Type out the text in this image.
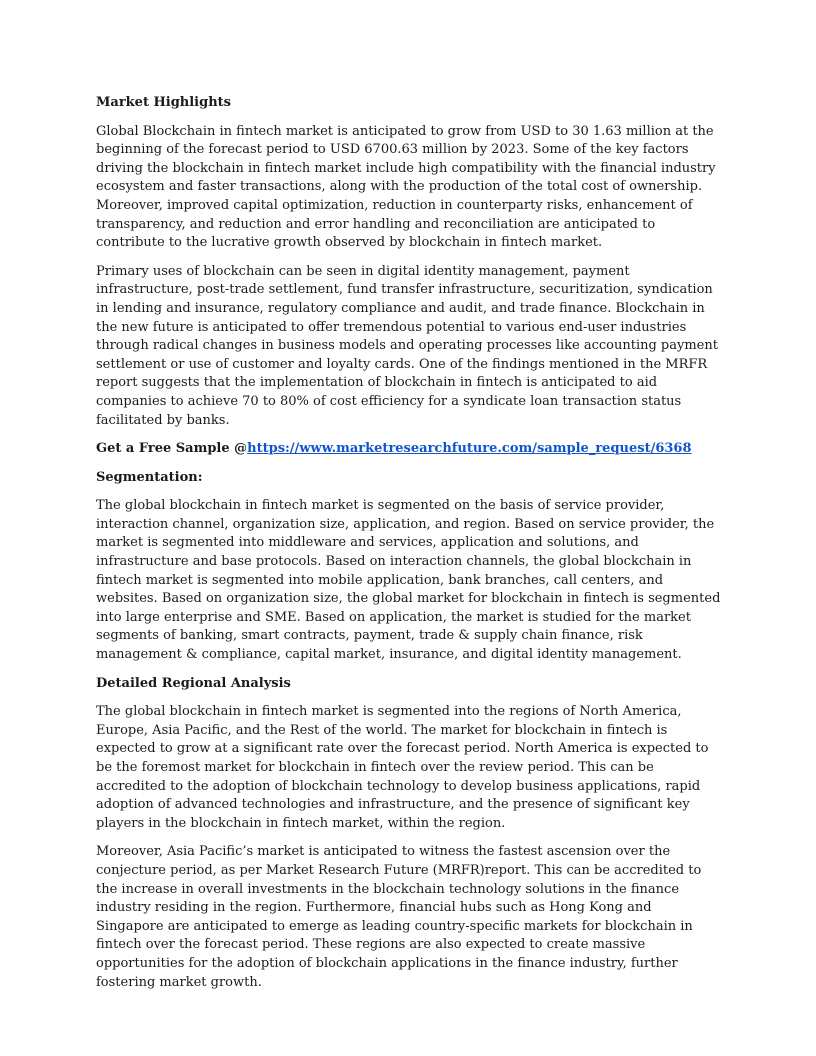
Market Highlights

Global Blockchain in fintech market is anticipated to grow from USD to 30 1.63 million at the beginning of the forecast period to USD 6700.63 million by 2023. Some of the key factors driving the blockchain in fintech market include high compatibility with the financial industry ecosystem and faster transactions, along with the production of the total cost of ownership. Moreover, improved capital optimization, reduction in counterparty risks, enhancement of transparency, and reduction and error handling and reconciliation are anticipated to contribute to the lucrative growth observed by blockchain in fintech market.

Primary uses of blockchain can be seen in digital identity management, payment infrastructure, post-trade settlement, fund transfer infrastructure, securitization, syndication in lending and insurance, regulatory compliance and audit, and trade finance. Blockchain in the new future is anticipated to offer tremendous potential to various end-user industries through radical changes in business models and operating processes like accounting payment settlement or use of customer and loyalty cards. One of the findings mentioned in the MRFR report suggests that the implementation of blockchain in fintech is anticipated to aid companies to achieve 70 to 80% of cost efficiency for a syndicate loan transaction status facilitated by banks.

Get a Free Sample @https://www.marketresearchfuture.com/sample_request/6368
Segmentation:

The global blockchain in fintech market is segmented on the basis of service provider, interaction channel, organization size, application, and region. Based on service provider, the market is segmented into middleware and services, application and solutions, and infrastructure and base protocols. Based on interaction channels, the global blockchain in fintech market is segmented into mobile application, bank branches, call centers, and websites. Based on organization size, the global market for blockchain in fintech is segmented into large enterprise and SME. Based on application, the market is studied for the market segments of banking, smart contracts, payment, trade & supply chain finance, risk management & compliance, capital market, insurance, and digital identity management.

Detailed Regional Analysis

The global blockchain in fintech market is segmented into the regions of North America, Europe, Asia Pacific, and the Rest of the world. The market for blockchain in fintech is expected to grow at a significant rate over the forecast period. North America is expected to be the foremost market for blockchain in fintech over the review period. This can be accredited to the adoption of blockchain technology to develop business applications, rapid adoption of advanced technologies and infrastructure, and the presence of significant key players in the blockchain in fintech market, within the region.

Moreover, Asia Pacific’s market is anticipated to witness the fastest ascension over the conjecture period, as per Market Research Future (MRFR)report. This can be accredited to the increase in overall investments in the blockchain technology solutions in the finance industry residing in the region. Furthermore, financial hubs such as Hong Kong and Singapore are anticipated to emerge as leading country-specific markets for blockchain in fintech over the forecast period. These regions are also expected to create massive opportunities for the adoption of blockchain applications in the finance industry, further fostering market growth.
